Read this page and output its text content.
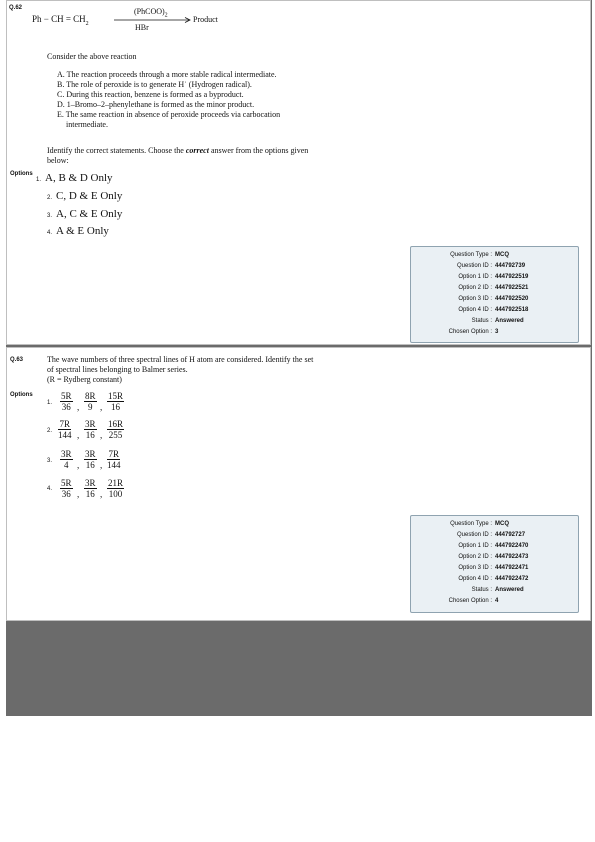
Q.62
Ph − CH = $CH_2$
$(PhCOO)_2$
HBr
Product
Consider the above reaction
A. The reaction proceeds through a more stable radical intermediate.
B. The role of peroxide is to generate H˙ (Hydrogen radical).
C. During this reaction, benzene is formed as a byproduct.
D. 1–Bromo–2–phenylethane is formed as the minor product.
E. The same reaction in absence of peroxide proceeds via carbocation
intermediate.
Identify the correct statements. Choose the correct answer from the options given
below:
Options
1. A, B & D Only
2. C, D & E Only
3. A, C & E Only
4. A & E Only
Question Type : MCQ
Question ID : 444792739
Option 1 ID : 4447922519
Option 2 ID : 4447922521
Option 3 ID : 4447922520
Option 4 ID : 4447922518
Status : Answered
Chosen Option : 3
Q.63	The wave numbers of three spectral lines of H atom are considered. Identify the set
of spectral lines belonging to Balmer series.
(R = Rydberg constant)
Options
1. $\frac{5R}{36}$ , $\frac{8R}{9}$ , $\frac{15R}{16}$
2. $\frac{7R}{144}$ , $\frac{3R}{16}$ , $\frac{16R}{255}$
3. $\frac{3R}{4}$ , $\frac{3R}{16}$ , $\frac{7R}{144}$
4. $\frac{5R}{36}$ , $\frac{3R}{16}$ , $\frac{21R}{100}$
Question Type : MCQ
Question ID : 444792727
Option 1 ID : 4447922470
Option 2 ID : 4447922473
Option 3 ID : 4447922471
Option 4 ID : 4447922472
Status : Answered
Chosen Option : 4
